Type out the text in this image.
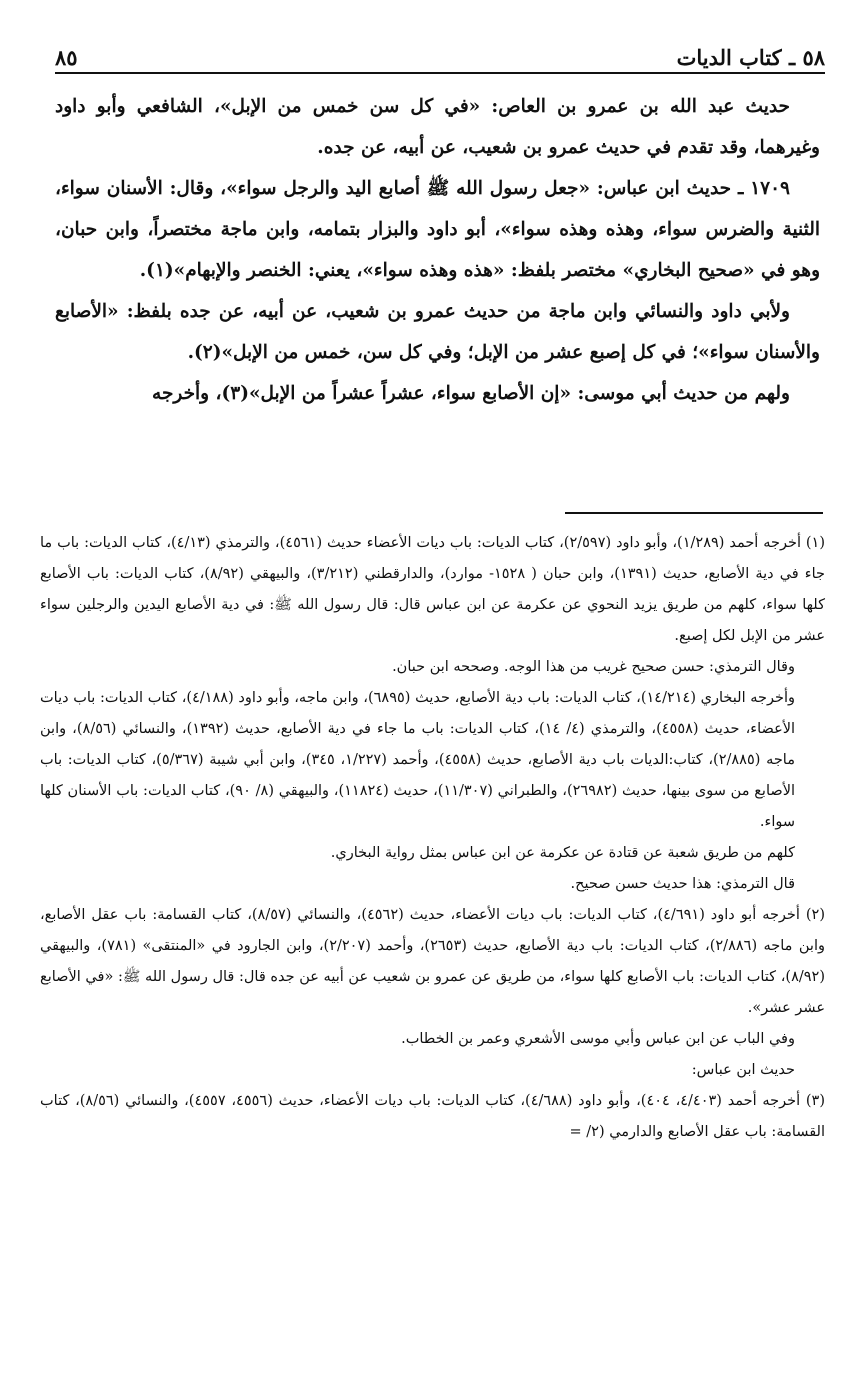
٥٨ ـ كتاب الديات
٨٥

حديث عبد الله بن عمرو بن العاص: «في كل سن خمس من الإبل»، الشافعي وأبو داود وغيرهما، وقد تقدم في حديث عمرو بن شعيب، عن أبيه، عن جده.

١٧٠٩ ـ حديث ابن عباس: «جعل رسول الله ﷺ أصابع اليد والرجل سواء»، وقال: الأسنان سواء، الثنية والضرس سواء، وهذه وهذه سواء»، أبو داود والبزار بتمامه، وابن ماجة مختصراً، وابن حبان، وهو في «صحيح البخاري» مختصر بلفظ: «هذه وهذه سواء»، يعني: الخنصر والإبهام»(١).

ولأبي داود والنسائي وابن ماجة من حديث عمرو بن شعيب، عن أبيه، عن جده بلفظ: «الأصابع والأسنان سواء»؛ في كل إصبع عشر من الإبل؛ وفي كل سن، خمس من الإبل»(٢).

ولهم من حديث أبي موسى: «إن الأصابع سواء، عشراً عشراً من الإبل»(٣)، وأخرجه

(١) أخرجه أحمد (١/٢٨٩)، وأبو داود (٢/٥٩٧)، كتاب الديات: باب ديات الأعضاء حديث (٤٥٦١)، والترمذي (٤/١٣)، كتاب الديات: باب ما جاء في دية الأصابع، حديث (١٣٩١)، وابن حبان ( ١٥٢٨- موارد)، والدارقطني (٣/٢١٢)، والبيهقي (٨/٩٢)، كتاب الديات: باب الأصابع كلها سواء، كلهم من طريق يزيد النحوي عن عكرمة عن ابن عباس قال: قال رسول الله ﷺ: في دية الأصابع اليدين والرجلين سواء عشر من الإبل لكل إصبع.

وقال الترمذي: حسن صحيح غريب من هذا الوجه. وصححه ابن حبان.

وأخرجه البخاري (١٤/٢١٤)، كتاب الديات: باب دية الأصابع، حديث (٦٨٩٥)، وابن ماجه، وأبو داود (٤/١٨٨)، كتاب الديات: باب ديات الأعضاء، حديث (٤٥٥٨)، والترمذي (٤/ ١٤)، كتاب الديات: باب ما جاء في دية الأصابع، حديث (١٣٩٢)، والنسائي (٨/٥٦)، وابن ماجه (٢/٨٨٥)، كتاب:الديات باب دية الأصابع، حديث (٤٥٥٨)، وأحمد (١/٢٢٧، ٣٤٥)، وابن أبي شيبة (٥/٣٦٧)، كتاب الديات: باب الأصابع من سوى بينها، حديث (٢٦٩٨٢)، والطبراني (١١/٣٠٧)، حديث (١١٨٢٤)، والبيهقي (٨/ ٩٠)، كتاب الديات: باب الأسنان كلها سواء.

كلهم من طريق شعبة عن قتادة عن عكرمة عن ابن عباس بمثل رواية البخاري.

قال الترمذي: هذا حديث حسن صحيح.

(٢) أخرجه أبو داود (٤/٦٩١)، كتاب الديات: باب ديات الأعضاء، حديث (٤٥٦٢)، والنسائي (٨/٥٧)، كتاب القسامة: باب عقل الأصابع، وابن ماجه (٢/٨٨٦)، كتاب الديات: باب دية الأصابع، حديث (٢٦٥٣)، وأحمد (٢/٢٠٧)، وابن الجارود في «المنتقى» (٧٨١)، والبيهقي (٨/٩٢)، كتاب الديات: باب الأصابع كلها سواء، من طريق عن عمرو بن شعيب عن أبيه عن جده قال: قال رسول الله ﷺ: «في الأصابع عشر عشر».

وفي الباب عن ابن عباس وأبي موسى الأشعري وعمر بن الخطاب.

حديث ابن عباس:

(٣) أخرجه أحمد (٤/٤٠٣، ٤٠٤)، وأبو داود (٤/٦٨٨)، كتاب الديات: باب ديات الأعضاء، حديث (٤٥٥٦، ٤٥٥٧)، والنسائي (٨/٥٦)، كتاب القسامة: باب عقل الأصابع والدارمي (٢/ =
